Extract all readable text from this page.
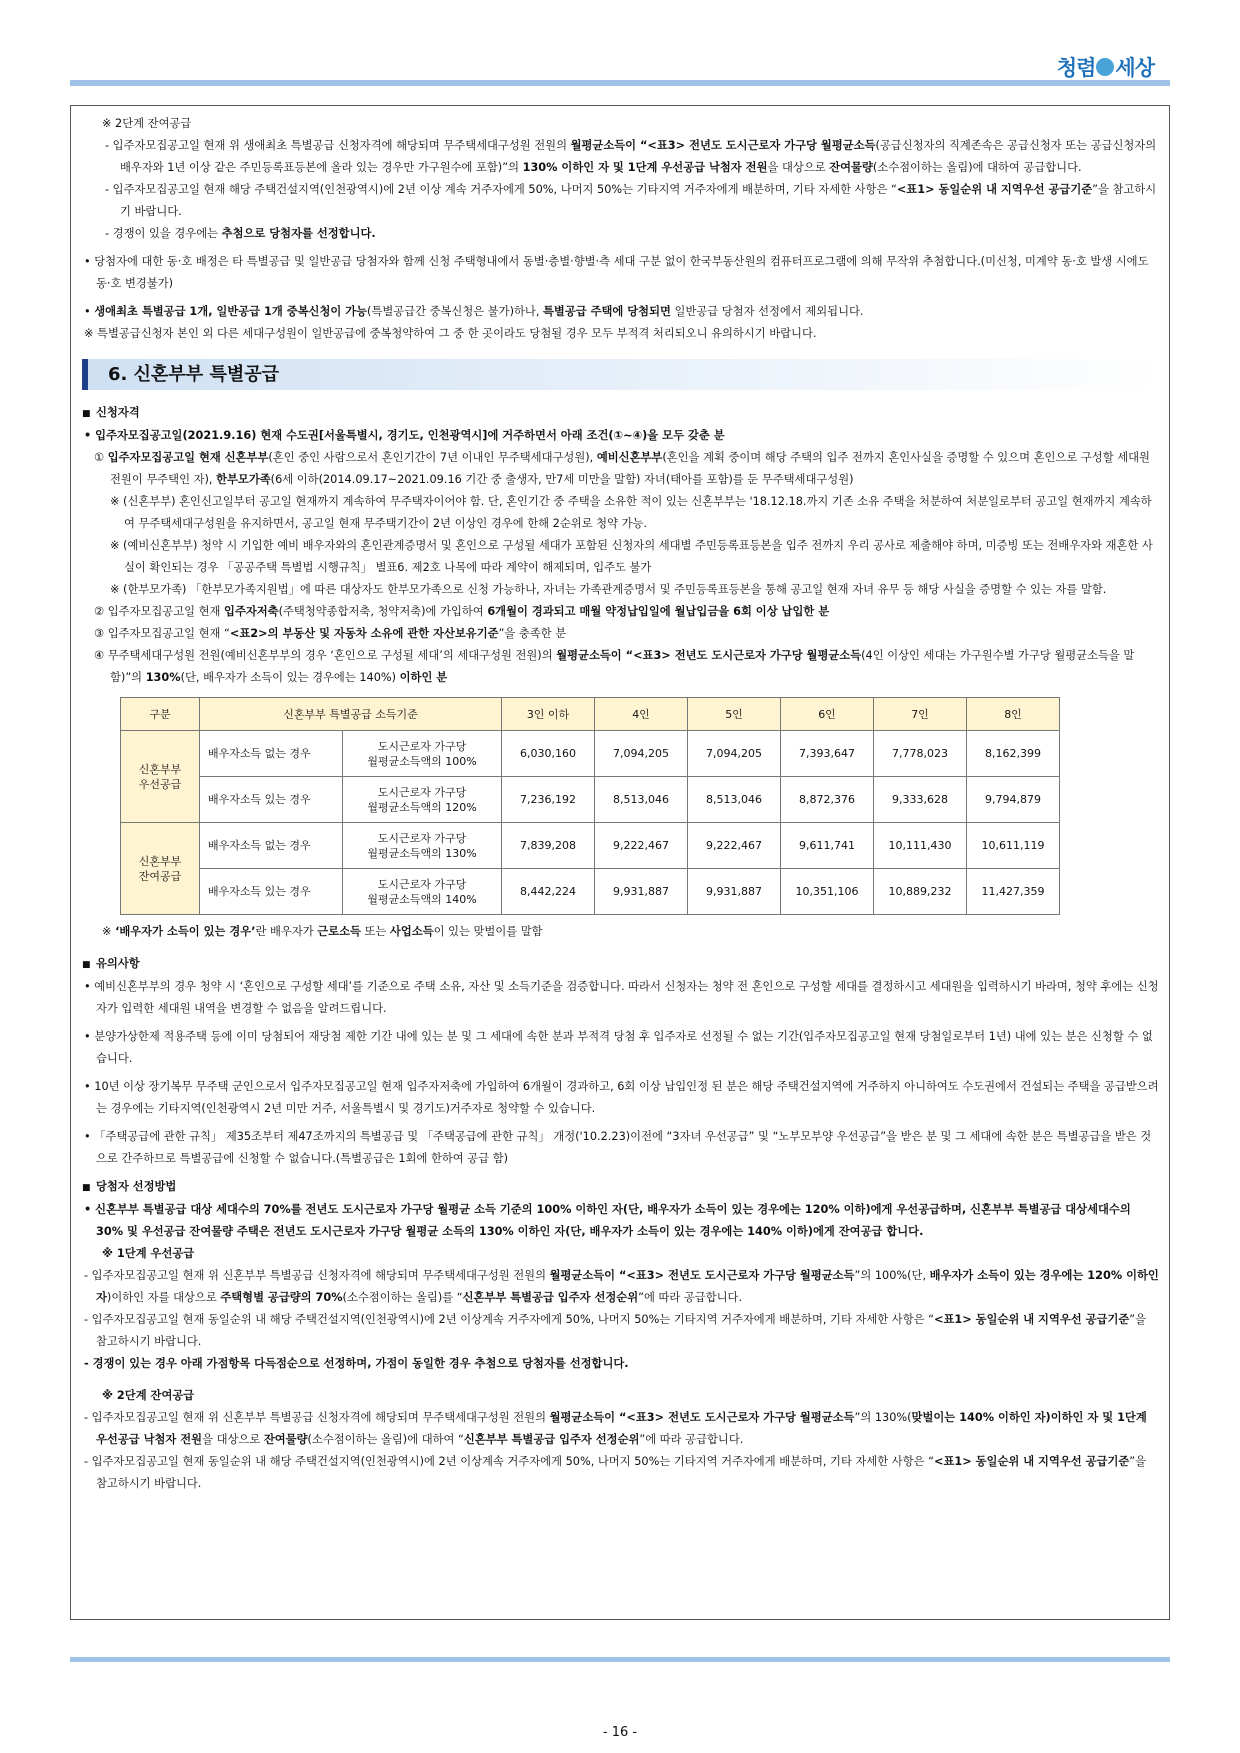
청렴 세상
- 16 -

※ 2단계 잔여공급

- 입주자모집공고일 현재 위 생애최초 특별공급 신청자격에 해당되며 무주택세대구성원 전원의 월평균소득이 “<표3> 전년도 도시근로자 가구당 월평균소득(공급신청자의 직계존속은 공급신청자 또는 공급신청자의 배우자와 1년 이상 같은 주민등록표등본에 올라 있는 경우만 가구원수에 포함)”의 130% 이하인 자 및 1단계 우선공급 낙첨자 전원을 대상으로 잔여물량(소수점이하는 올림)에 대하여 공급합니다.

- 입주자모집공고일 현재 해당 주택건설지역(인천광역시)에 2년 이상 계속 거주자에게 50%, 나머지 50%는 기타지역 거주자에게 배분하며, 기타 자세한 사항은 “<표1> 동일순위 내 지역우선 공급기준”을 참고하시기 바랍니다.

- 경쟁이 있을 경우에는 추첨으로 당첨자를 선정합니다.

• 당첨자에 대한 동·호 배정은 타 특별공급 및 일반공급 당첨자와 함께 신청 주택형내에서 동별·층별·향별·측 세대 구분 없이 한국부동산원의 컴퓨터프로그램에 의해 무작위 추첨합니다.(미신청, 미계약 동·호 발생 시에도 동·호 변경불가)

• 생애최초 특별공급 1개, 일반공급 1개 중복신청이 가능(특별공급간 중복신청은 불가)하나, 특별공급 주택에 당첨되면 일반공급 당첨자 선정에서 제외됩니다.

※ 특별공급신청자 본인 외 다른 세대구성원이 일반공급에 중복청약하여 그 중 한 곳이라도 당첨될 경우 모두 부적격 처리되오니 유의하시기 바랍니다.

6. 신혼부부 특별공급

■ 신청자격

• 입주자모집공고일(2021.9.16) 현재 수도권[서울특별시, 경기도, 인천광역시]에 거주하면서 아래 조건(①~④)을 모두 갖춘 분

① 입주자모집공고일 현재 신혼부부(혼인 중인 사람으로서 혼인기간이 7년 이내인 무주택세대구성원), 예비신혼부부(혼인을 계획 중이며 해당 주택의 입주 전까지 혼인사실을 증명할 수 있으며 혼인으로 구성할 세대원 전원이 무주택인 자), 한부모가족(6세 이하(2014.09.17~2021.09.16 기간 중 출생자, 만7세 미만을 말함) 자녀(태아를 포함)를 둔 무주택세대구성원)

※ (신혼부부) 혼인신고일부터 공고일 현재까지 계속하여 무주택자이어야 함. 단, 혼인기간 중 주택을 소유한 적이 있는 신혼부부는 '18.12.18.까지 기존 소유 주택을 처분하여 처분일로부터 공고일 현재까지 계속하여 무주택세대구성원을 유지하면서, 공고일 현재 무주택기간이 2년 이상인 경우에 한해 2순위로 청약 가능.

※ (예비신혼부부) 청약 시 기입한 예비 배우자와의 혼인관계증명서 및 혼인으로 구성될 세대가 포함된 신청자의 세대별 주민등록표등본을 입주 전까지 우리 공사로 제출해야 하며, 미증빙 또는 전배우자와 재혼한 사실이 확인되는 경우 「공공주택 특별법 시행규칙」 별표6. 제2호 나목에 따라 계약이 해제되며, 입주도 불가

※ (한부모가족) 「한부모가족지원법」에 따른 대상자도 한부모가족으로 신청 가능하나, 자녀는 가족관계증명서 및 주민등록표등본을 통해 공고일 현재 자녀 유무 등 해당 사실을 증명할 수 있는 자를 말함.

② 입주자모집공고일 현재 입주자저축(주택청약종합저축, 청약저축)에 가입하여 6개월이 경과되고 매월 약정납입일에 월납입금을 6회 이상 납입한 분

③ 입주자모집공고일 현재 “<표2>의 부동산 및 자동차 소유에 관한 자산보유기준”을 충족한 분

④ 무주택세대구성원 전원(예비신혼부부의 경우 ‘혼인으로 구성될 세대’의 세대구성원 전원)의 월평균소득이 “<표3> 전년도 도시근로자 가구당 월평균소득(4인 이상인 세대는 가구원수별 가구당 월평균소득을 말함)”의 130%(단, 배우자가 소득이 있는 경우에는 140%) 이하인 분

구분	신혼부부 특별공급 소득기준		3인 이하	4인	5인	6인	7인	8인
신혼부부
우선공급	배우자소득 없는 경우	도시근로자 가구당
월평균소득액의 100%	6,030,160	7,094,205	7,094,205	7,393,647	7,778,023	8,162,399
	배우자소득 있는 경우	도시근로자 가구당
월평균소득액의 120%	7,236,192	8,513,046	8,513,046	8,872,376	9,333,628	9,794,879
신혼부부
잔여공급	배우자소득 없는 경우	도시근로자 가구당
월평균소득액의 130%	7,839,208	9,222,467	9,222,467	9,611,741	10,111,430	10,611,119
	배우자소득 있는 경우	도시근로자 가구당
월평균소득액의 140%	8,442,224	9,931,887	9,931,887	10,351,106	10,889,232	11,427,359

※ ‘배우자가 소득이 있는 경우’란 배우자가 근로소득 또는 사업소득이 있는 맞벌이를 말함

■ 유의사항

• 예비신혼부부의 경우 청약 시 ‘혼인으로 구성할 세대’를 기준으로 주택 소유, 자산 및 소득기준을 검증합니다. 따라서 신청자는 청약 전 혼인으로 구성할 세대를 결정하시고 세대원을 입력하시기 바라며, 청약 후에는 신청자가 입력한 세대원 내역을 변경할 수 없음을 알려드립니다.

• 분양가상한제 적용주택 등에 이미 당첨되어 재당첨 제한 기간 내에 있는 분 및 그 세대에 속한 분과 부적격 당첨 후 입주자로 선정될 수 없는 기간(입주자모집공고일 현재 당첨일로부터 1년) 내에 있는 분은 신청할 수 없습니다.

• 10년 이상 장기복무 무주택 군인으로서 입주자모집공고일 현재 입주자저축에 가입하여 6개월이 경과하고, 6회 이상 납입인정 된 분은 해당 주택건설지역에 거주하지 아니하여도 수도권에서 건설되는 주택을 공급받으려는 경우에는 기타지역(인천광역시 2년 미만 거주, 서울특별시 및 경기도)거주자로 청약할 수 있습니다.

• 「주택공급에 관한 규칙」 제35조부터 제47조까지의 특별공급 및 「주택공급에 관한 규칙」 개정('10.2.23)이전에 “3자녀 우선공급” 및 “노부모부양 우선공급”을 받은 분 및 그 세대에 속한 분은 특별공급을 받은 것으로 간주하므로 특별공급에 신청할 수 없습니다.(특별공급은 1회에 한하여 공급 함)

■ 당첨자 선정방법

• 신혼부부 특별공급 대상 세대수의 70%를 전년도 도시근로자 가구당 월평균 소득 기준의 100% 이하인 자(단, 배우자가 소득이 있는 경우에는 120% 이하)에게 우선공급하며, 신혼부부 특별공급 대상세대수의 30% 및 우선공급 잔여물량 주택은 전년도 도시근로자 가구당 월평균 소득의 130% 이하인 자(단, 배우자가 소득이 있는 경우에는 140% 이하)에게 잔여공급 합니다.

※ 1단계 우선공급

- 입주자모집공고일 현재 위 신혼부부 특별공급 신청자격에 해당되며 무주택세대구성원 전원의 월평균소득이 “<표3> 전년도 도시근로자 가구당 월평균소득”의 100%(단, 배우자가 소득이 있는 경우에는 120% 이하인 자)이하인 자를 대상으로 주택형별 공급량의 70%(소수점이하는 올림)를 “신혼부부 특별공급 입주자 선정순위”에 따라 공급합니다.

- 입주자모집공고일 현재 동일순위 내 해당 주택건설지역(인천광역시)에 2년 이상계속 거주자에게 50%, 나머지 50%는 기타지역 거주자에게 배분하며, 기타 자세한 사항은 “<표1> 동일순위 내 지역우선 공급기준”을 참고하시기 바랍니다.

- 경쟁이 있는 경우 아래 가점항목 다득점순으로 선정하며, 가점이 동일한 경우 추첨으로 당첨자를 선정합니다.

※ 2단계 잔여공급

- 입주자모집공고일 현재 위 신혼부부 특별공급 신청자격에 해당되며 무주택세대구성원 전원의 월평균소득이 “<표3> 전년도 도시근로자 가구당 월평균소득”의 130%(맞벌이는 140% 이하인 자)이하인 자 및 1단계 우선공급 낙첨자 전원을 대상으로 잔여물량(소수점이하는 올림)에 대하여 “신혼부부 특별공급 입주자 선정순위”에 따라 공급합니다.

- 입주자모집공고일 현재 동일순위 내 해당 주택건설지역(인천광역시)에 2년 이상계속 거주자에게 50%, 나머지 50%는 기타지역 거주자에게 배분하며, 기타 자세한 사항은 “<표1> 동일순위 내 지역우선 공급기준”을 참고하시기 바랍니다.
